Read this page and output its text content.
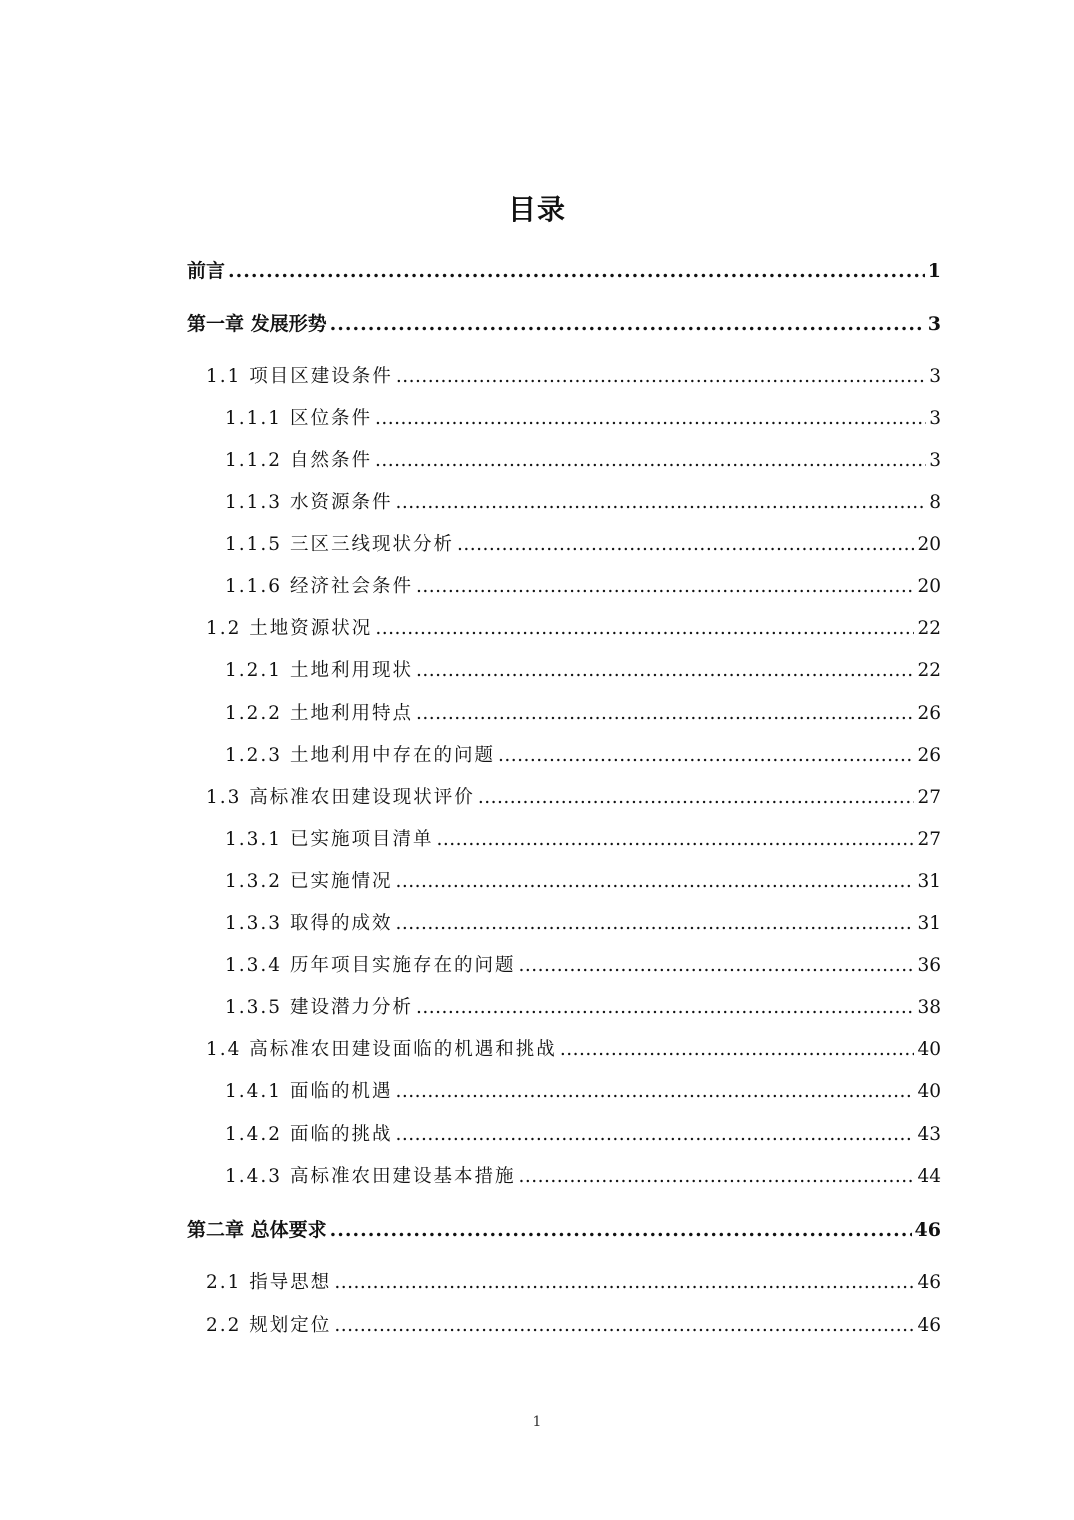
目录
前言 .....	1
第一章 发展形势 .....	3
1.1 项目区建设条件 .....	3
1.1.1 区位条件 .....	3
1.1.2 自然条件 .....	3
1.1.3 水资源条件 .....	8
1.1.5 三区三线现状分析 .....	20
1.1.6 经济社会条件 .....	20
1.2 土地资源状况 .....	22
1.2.1 土地利用现状 .....	22
1.2.2 土地利用特点 .....	26
1.2.3 土地利用中存在的问题 .....	26
1.3 高标准农田建设现状评价 .....	27
1.3.1 已实施项目清单 .....	27
1.3.2 已实施情况 .....	31
1.3.3 取得的成效 .....	31
1.3.4 历年项目实施存在的问题 .....	36
1.3.5 建设潜力分析 .....	38
1.4 高标准农田建设面临的机遇和挑战 .....	40
1.4.1 面临的机遇 .....	40
1.4.2 面临的挑战 .....	43
1.4.3 高标准农田建设基本措施 .....	44
第二章 总体要求 .....	46
2.1 指导思想 .....	46
2.2 规划定位 .....	46
1
